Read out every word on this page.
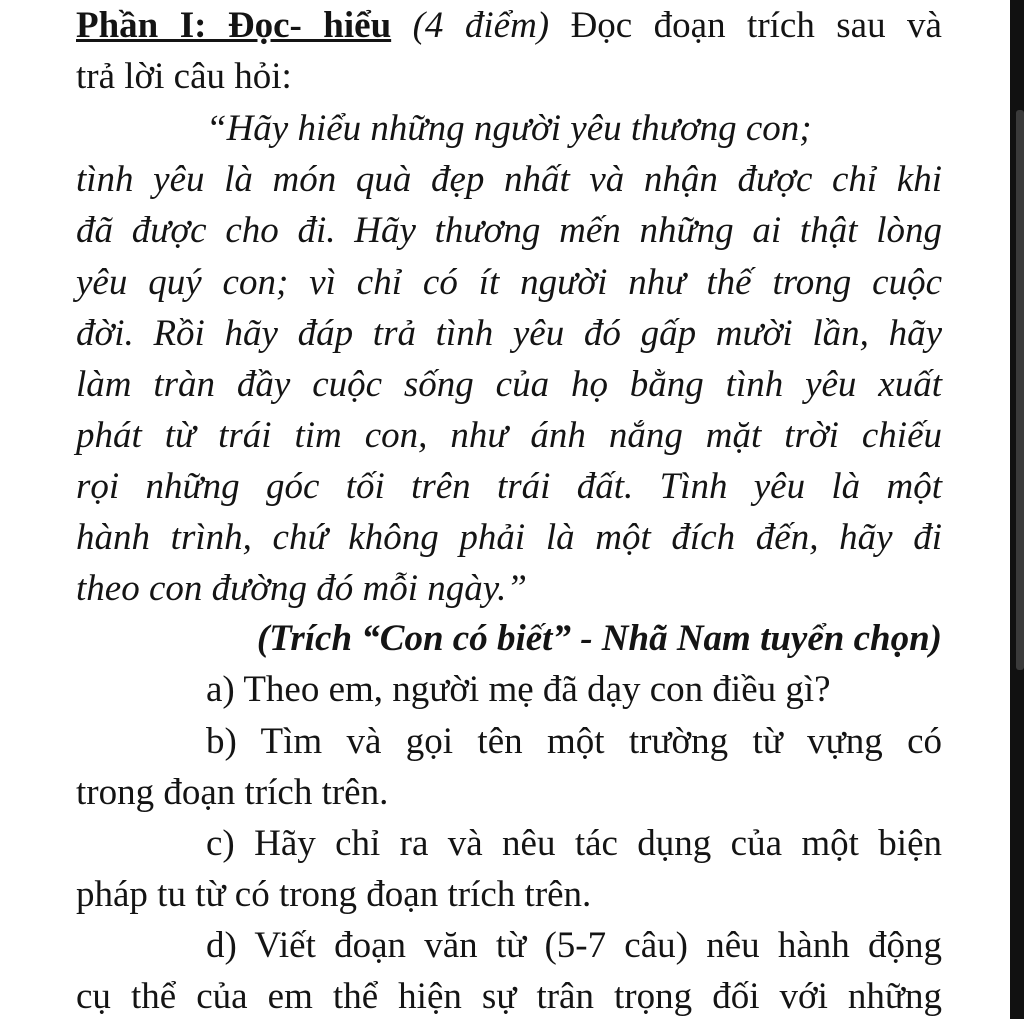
Phần I: Đọc- hiểu (4 điểm) Đọc đoạn trích sau và
trả lời câu hỏi:
“Hãy hiểu những người yêu thương con;
tình yêu là món quà đẹp nhất và nhận được chỉ khi
đã được cho đi. Hãy thương mến những ai thật lòng
yêu quý con; vì chỉ có ít người như thế trong cuộc
đời. Rồi hãy đáp trả tình yêu đó gấp mười lần, hãy
làm tràn đầy cuộc sống của họ bằng tình yêu xuất
phát từ trái tim con, như ánh nắng mặt trời chiếu
rọi những góc tối trên trái đất. Tình yêu là một
hành trình, chứ không phải là một đích đến, hãy đi
theo con đường đó mỗi ngày.”
(Trích “Con có biết” - Nhã Nam tuyển chọn)
a) Theo em, người mẹ đã dạy con điều gì?
b) Tìm và gọi tên một trường từ vựng có
trong đoạn trích trên.
c) Hãy chỉ ra và nêu tác dụng của một biện
pháp tu từ có trong đoạn trích trên.
d) Viết đoạn văn từ (5-7 câu) nêu hành động
cụ thể của em thể hiện sự trân trọng đối với những
